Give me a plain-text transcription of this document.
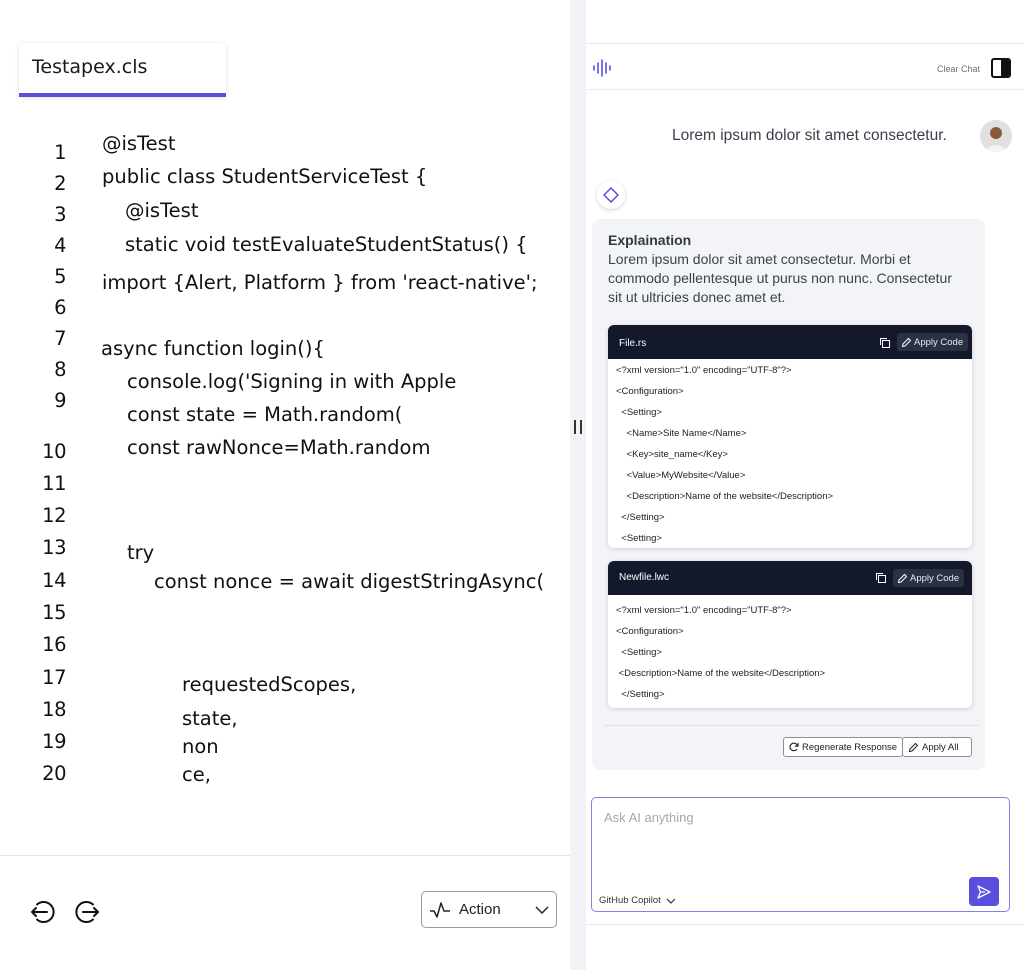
Testapex.cls
1
2
3
4
5
6
7
8
9
10
11
12
13
14
15
16
17
18
19
20
@isTest
public class StudentServiceTest {
@isTest
static void testEvaluateStudentStatus() {
import {Alert, Platform } from 'react-native';
async function login(){
console.log('Signing in with Apple
const state = Math.random(
const rawNonce=Math.random
try
const nonce = await digestStringAsync(
requestedScopes,
state,
non
ce,
Action
Clear Chat
Lorem ipsum dolor sit amet consectetur.
Explaination
Lorem ipsum dolor sit amet consectetur. Morbi et commodo pellentesque ut purus non nunc. Consectetur sit ut ultricies donec amet et.
File.rs	Apply Code
<?xml version="1.0" encoding="UTF-8"?>
<Configuration>
<Setting>
<Name>Site Name</Name>
<Key>site_name</Key>
<Value>MyWebsite</Value>
<Description>Name of the website</Description>
</Setting>
<Setting>
Newfile.lwc	Apply Code
<?xml version="1.0" encoding="UTF-8"?>
<Configuration>
<Setting>
<Description>Name of the website</Description>
</Setting>
Regenerate Response	Apply All
Ask AI anything
GitHub Copilot
